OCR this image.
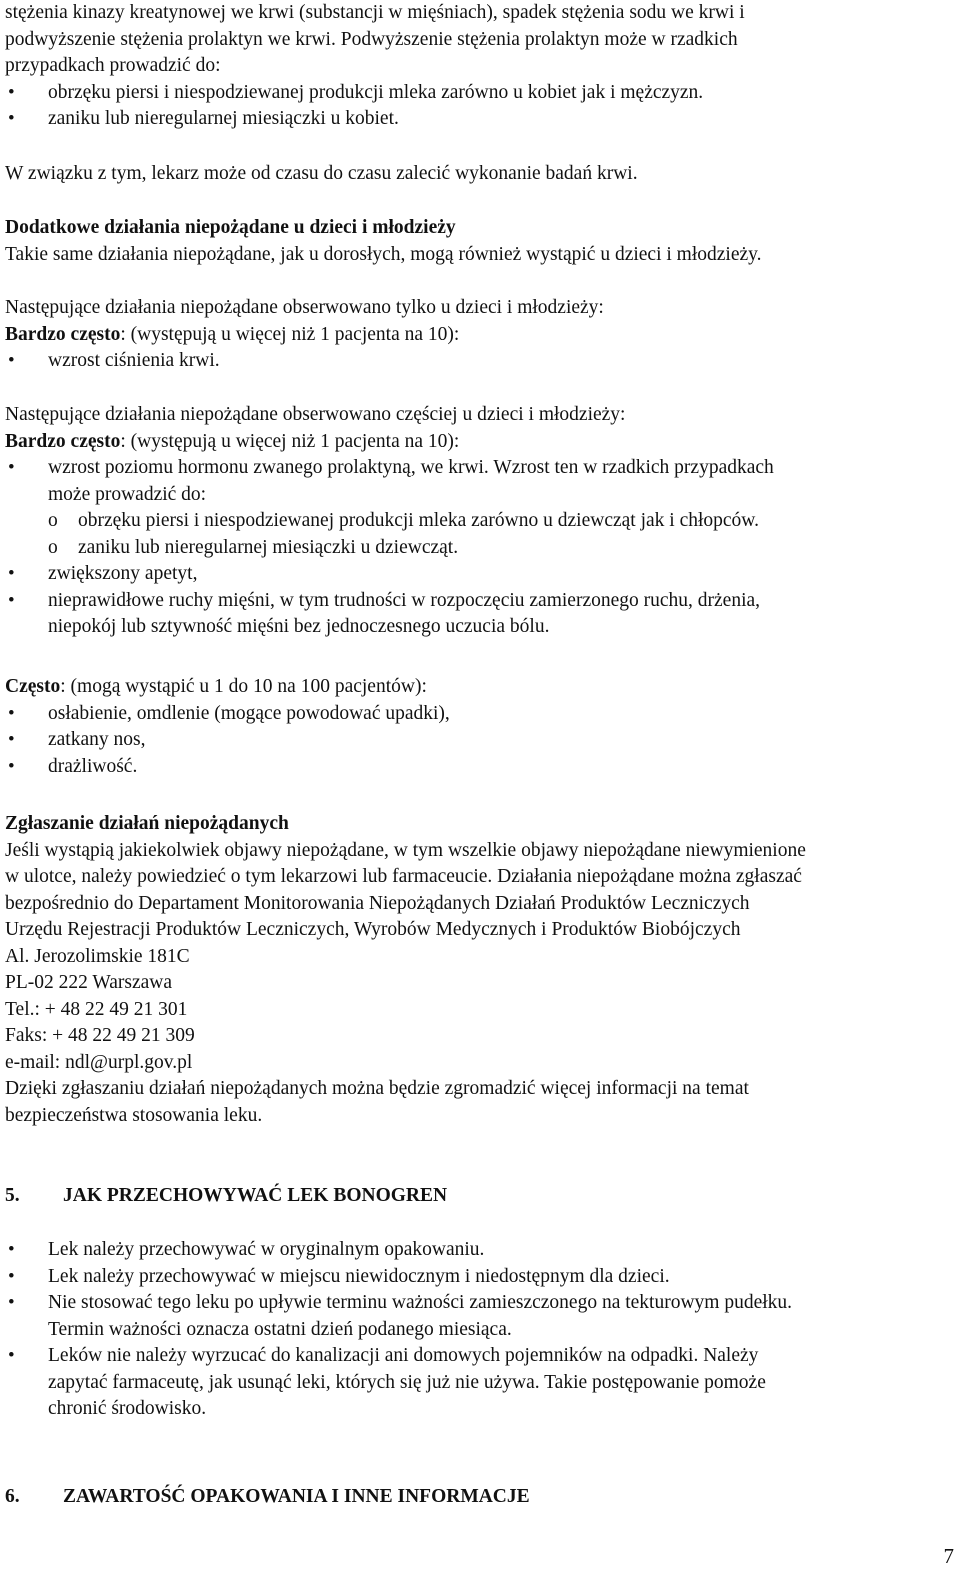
stężenia kinazy kreatynowej we krwi (substancji w mięśniach), spadek stężenia sodu we krwi i

podwyższenie stężenia prolaktyn we krwi. Podwyższenie stężenia prolaktyn może w rzadkich

przypadkach prowadzić do:

• obrzęku piersi i niespodziewanej produkcji mleka zarówno u kobiet jak i mężczyzn.

• zaniku lub nieregularnej miesiączki u kobiet.

W związku z tym, lekarz może od czasu do czasu zalecić wykonanie badań krwi.

Dodatkowe działania niepożądane u dzieci i młodzieży

Takie same działania niepożądane, jak u dorosłych, mogą również wystąpić u dzieci i młodzieży.

Następujące działania niepożądane obserwowano tylko u dzieci i młodzieży:

Bardzo często: (występują u więcej niż 1 pacjenta na 10):

• wzrost ciśnienia krwi.

Następujące działania niepożądane obserwowano częściej u dzieci i młodzieży:

Bardzo często: (występują u więcej niż 1 pacjenta na 10):

• wzrost poziomu hormonu zwanego prolaktyną, we krwi. Wzrost ten w rzadkich przypadkach
może prowadzić do:

o obrzęku piersi i niespodziewanej produkcji mleka zarówno u dziewcząt jak i chłopców.

o zaniku lub nieregularnej miesiączki u dziewcząt.

• zwiększony apetyt,

• nieprawidłowe ruchy mięśni, w tym trudności w rozpoczęciu zamierzonego ruchu, drżenia,
niepokój lub sztywność mięśni bez jednoczesnego uczucia bólu.

Często: (mogą wystąpić u 1 do 10 na 100 pacjentów):

• osłabienie, omdlenie (mogące powodować upadki),

• zatkany nos,

• drażliwość.

Zgłaszanie działań niepożądanych

Jeśli wystąpią jakiekolwiek objawy niepożądane, w tym wszelkie objawy niepożądane niewymienione

w ulotce, należy powiedzieć o tym lekarzowi lub farmaceucie. Działania niepożądane można zgłaszać

bezpośrednio do Departament Monitorowania Niepożądanych Działań Produktów Leczniczych

Urzędu Rejestracji Produktów Leczniczych, Wyrobów Medycznych i Produktów Biobójczych

Al. Jerozolimskie 181C

PL-02 222 Warszawa

Tel.: + 48 22 49 21 301

Faks: + 48 22 49 21 309

e-mail: ndl@urpl.gov.pl

Dzięki zgłaszaniu działań niepożądanych można będzie zgromadzić więcej informacji na temat

bezpieczeństwa stosowania leku.

5. JAK PRZECHOWYWAĆ LEK BONOGREN

• Lek należy przechowywać w oryginalnym opakowaniu.

• Lek należy przechowywać w miejscu niewidocznym i niedostępnym dla dzieci.

• Nie stosować tego leku po upływie terminu ważności zamieszczonego na tekturowym pudełku.
Termin ważności oznacza ostatni dzień podanego miesiąca.
• Leków nie należy wyrzucać do kanalizacji ani domowych pojemników na odpadki. Należy
zapytać farmaceutę, jak usunąć leki, których się już nie używa. Takie postępowanie pomoże
chronić środowisko.

6. ZAWARTOŚĆ OPAKOWANIA I INNE INFORMACJE

7
